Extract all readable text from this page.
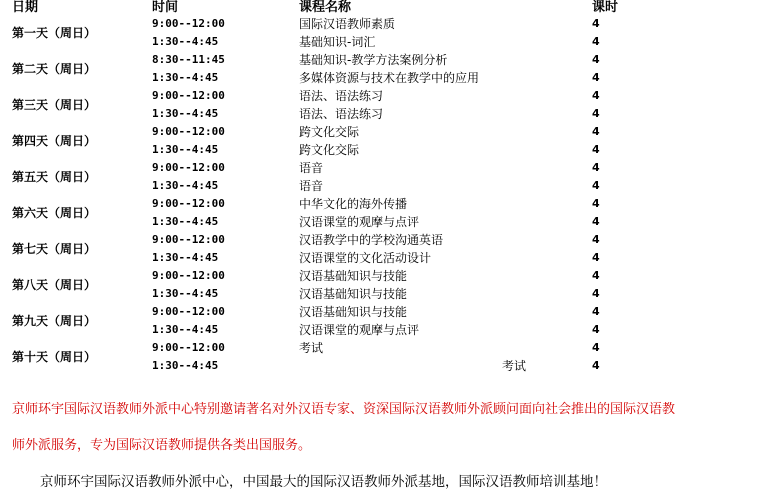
日期	时间	课程名称	课时
第一天（周日）
9:00--12:00	国际汉语教师素质	4
1:30--4:45	基础知识-词汇	4
第二天（周日）
8:30--11:45	基础知识-教学方法案例分析	4
1:30--4:45	多媒体资源与技术在教学中的应用	4
第三天（周日）
9:00--12:00	语法、语法练习	4
1:30--4:45	语法、语法练习	4
第四天（周日）
9:00--12:00	跨文化交际	4
1:30--4:45	跨文化交际	4
第五天（周日）
9:00--12:00	语音	4
1:30--4:45	语音	4
第六天（周日）
9:00--12:00	中华文化的海外传播	4
1:30--4:45	汉语课堂的观摩与点评	4
第七天（周日）
9:00--12:00	汉语教学中的学校沟通英语	4
1:30--4:45	汉语课堂的文化活动设计	4
第八天（周日）
9:00--12:00	汉语基础知识与技能	4
1:30--4:45	汉语基础知识与技能	4
第九天（周日）
9:00--12:00	汉语基础知识与技能	4
1:30--4:45	汉语课堂的观摩与点评	4
第十天（周日）
9:00--12:00	考试	4
1:30--4:45	考试	4
京师环宇国际汉语教师外派中心特别邀请著名对外汉语专家、资深国际汉语教师外派顾问面向社会推出的国际汉语教
师外派服务，专为国际汉语教师提供各类出国服务。
京师环宇国际汉语教师外派中心，中国最大的国际汉语教师外派基地，国际汉语教师培训基地！
